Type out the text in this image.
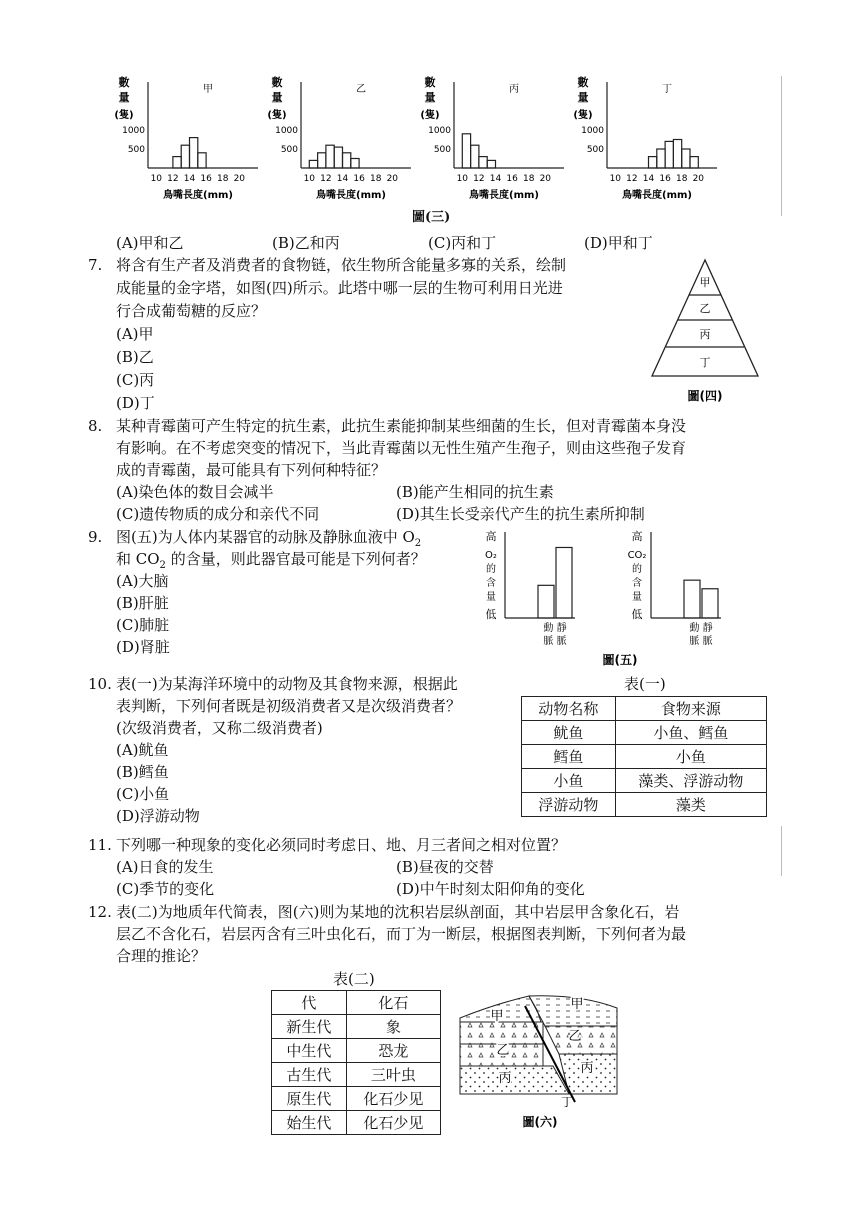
數
量
(隻)
甲
1000
500
10 12 14 16 18 20
鳥嘴長度(mm)
數
量
(隻)
乙
1000
500
10 12 14 16 18 20
鳥嘴長度(mm)
數
量
(隻)
丙
1000
500
10 12 14 16 18 20
鳥嘴長度(mm)
數
量
(隻)
丁
1000
500
10 12 14 16 18 20
鳥嘴長度(mm)
圖(三)
(A)甲和乙	(B)乙和丙	(C)丙和丁	(D)甲和丁
7. 将含有生产者及消费者的食物链，依生物所含能量多寡的关系，绘制
成能量的金字塔，如图(四)所示。此塔中哪一层的生物可利用日光进
行合成葡萄糖的反应？
(A)甲
(B)乙
(C)丙
(D)丁
甲
乙
丙
丁
圖(四)
8. 某种青霉菌可产生特定的抗生素，此抗生素能抑制某些细菌的生长，但对青霉菌本身没
有影响。在不考虑突变的情况下，当此青霉菌以无性生殖产生孢子，则由这些孢子发育
成的青霉菌，最可能具有下列何种特征？
(A)染色体的数目会减半	(B)能产生相同的抗生素
(C)遗传物质的成分和亲代不同	(D)其生长受亲代产生的抗生素所抑制
9. 图(五)为人体内某器官的动脉及静脉血液中 $O_2$
和 $CO_2$ 的含量，则此器官最可能是下列何者？
(A)大脑
(B)肝脏
(C)肺脏
(D)肾脏
高
低
O₂
的
含
量
動 靜
脈 脈
高
低
CO₂
的
含
量
動 靜
脈 脈
圖(五)
10. 表(一)为某海洋环境中的动物及其食物来源，根据此
表判断，下列何者既是初级消费者又是次级消费者？
(次级消费者，又称二级消费者)
(A)鱿鱼
(B)鳕鱼
(C)小鱼
(D)浮游动物
表(一)
动物名称	食物来源
鱿鱼	小鱼、鳕鱼
鳕鱼	小鱼
小鱼	藻类、浮游动物
浮游动物	藻类
11. 下列哪一种现象的变化必须同时考虑日、地、月三者间之相对位置？
(A)日食的发生	(B)昼夜的交替
(C)季节的变化	(D)中午时刻太阳仰角的变化
12. 表(二)为地质年代简表，图(六)则为某地的沈积岩层纵剖面，其中岩层甲含象化石，岩
层乙不含化石，岩层丙含有三叶虫化石，而丁为一断层，根据图表判断，下列何者为最
合理的推论？
表(二)
代	化石
新生代	象
中生代	恐龙
古生代	三叶虫
原生代	化石少见
始生代	化石少见
甲
甲
乙
乙
丙
丙
丁
圖(六)
